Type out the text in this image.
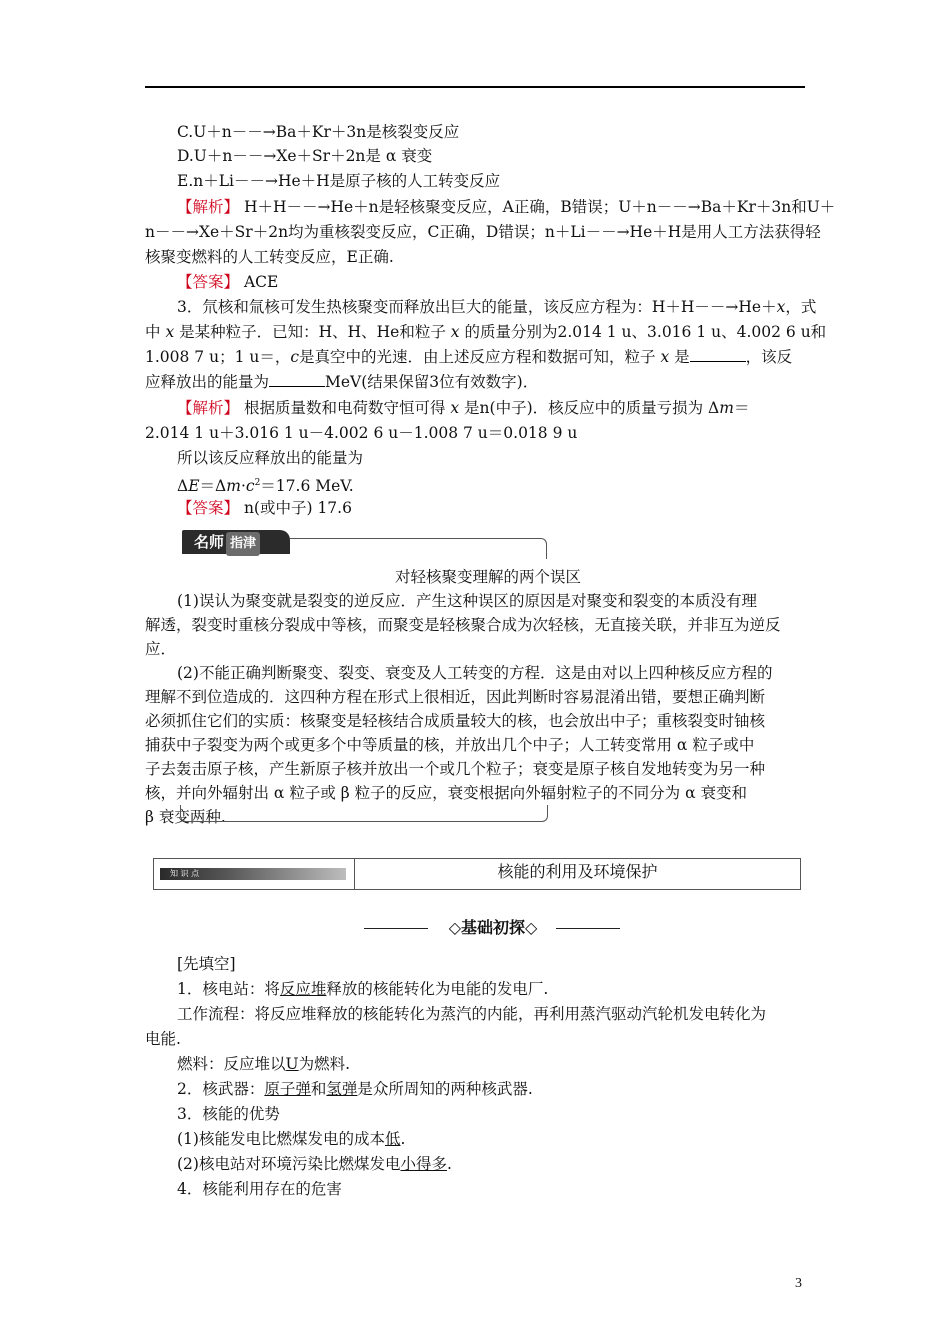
C.U＋n－－→Ba＋Kr＋3n是核裂变反应
D.U＋n－－→Xe＋Sr＋2n是 α 衰变
E.n＋Li－－→He＋H是原子核的人工转变反应
【解析】 H＋H－－→He＋n是轻核聚变反应，A正确，B错误；U＋n－－→Ba＋Kr＋3n和U＋
n－－→Xe＋Sr＋2n均为重核裂变反应，C正确，D错误；n＋Li－－→He＋H是用人工方法获得轻
核聚变燃料的人工转变反应，E正确.
【答案】 ACE
3．氘核和氚核可发生热核聚变而释放出巨大的能量，该反应方程为：H＋H－－→He＋x，式
中 x 是某种粒子．已知：H、H、He和粒子 x 的质量分别为2.014 1 u、3.016 1 u、4.002 6 u和
1.008 7 u；1 u＝，c是真空中的光速．由上述反应方程和数据可知，粒子 x 是	，该反
应释放出的能量为	MeV(结果保留3位有效数字)．
【解析】 根据质量数和电荷数守恒可得 x 是n(中子)．核反应中的质量亏损为 Δm＝
2.014 1 u＋3.016 1 u－4.002 6 u－1.008 7 u＝0.018 9 u
所以该反应释放出的能量为
$\Delta E=\Delta m\cdot c^2=17.6$ MeV.
【答案】 n(或中子) 17.6
名师 指津
对轻核聚变理解的两个误区
(1)误认为聚变就是裂变的逆反应．产生这种误区的原因是对聚变和裂变的本质没有理
解透，裂变时重核分裂成中等核，而聚变是轻核聚合成为次轻核，无直接关联，并非互为逆反
应．
(2)不能正确判断聚变、裂变、衰变及人工转变的方程．这是由对以上四种核反应方程的
理解不到位造成的．这四种方程在形式上很相近，因此判断时容易混淆出错，要想正确判断
必须抓住它们的实质：核聚变是轻核结合成质量较大的核，也会放出中子；重核裂变时铀核
捕获中子裂变为两个或更多个中等质量的核，并放出几个中子；人工转变常用 α 粒子或中
子去轰击原子核，产生新原子核并放出一个或几个粒子；衰变是原子核自发地转变为另一种
核，并向外辐射出 α 粒子或 β 粒子的反应，衰变根据向外辐射粒子的不同分为 α 衰变和
β 衰变两种.
知 识 点	核能的利用及环境保护
◇基础初探◇
[先填空]
1．核电站：将反应堆释放的核能转化为电能的发电厂.
工作流程：将反应堆释放的核能转化为蒸汽的内能，再利用蒸汽驱动汽轮机发电转化为
电能.
燃料：反应堆以U为燃料.
2．核武器：原子弹和氢弹是众所周知的两种核武器.
3．核能的优势
(1)核能发电比燃煤发电的成本低.
(2)核电站对环境污染比燃煤发电小得多.
4．核能利用存在的危害
3
